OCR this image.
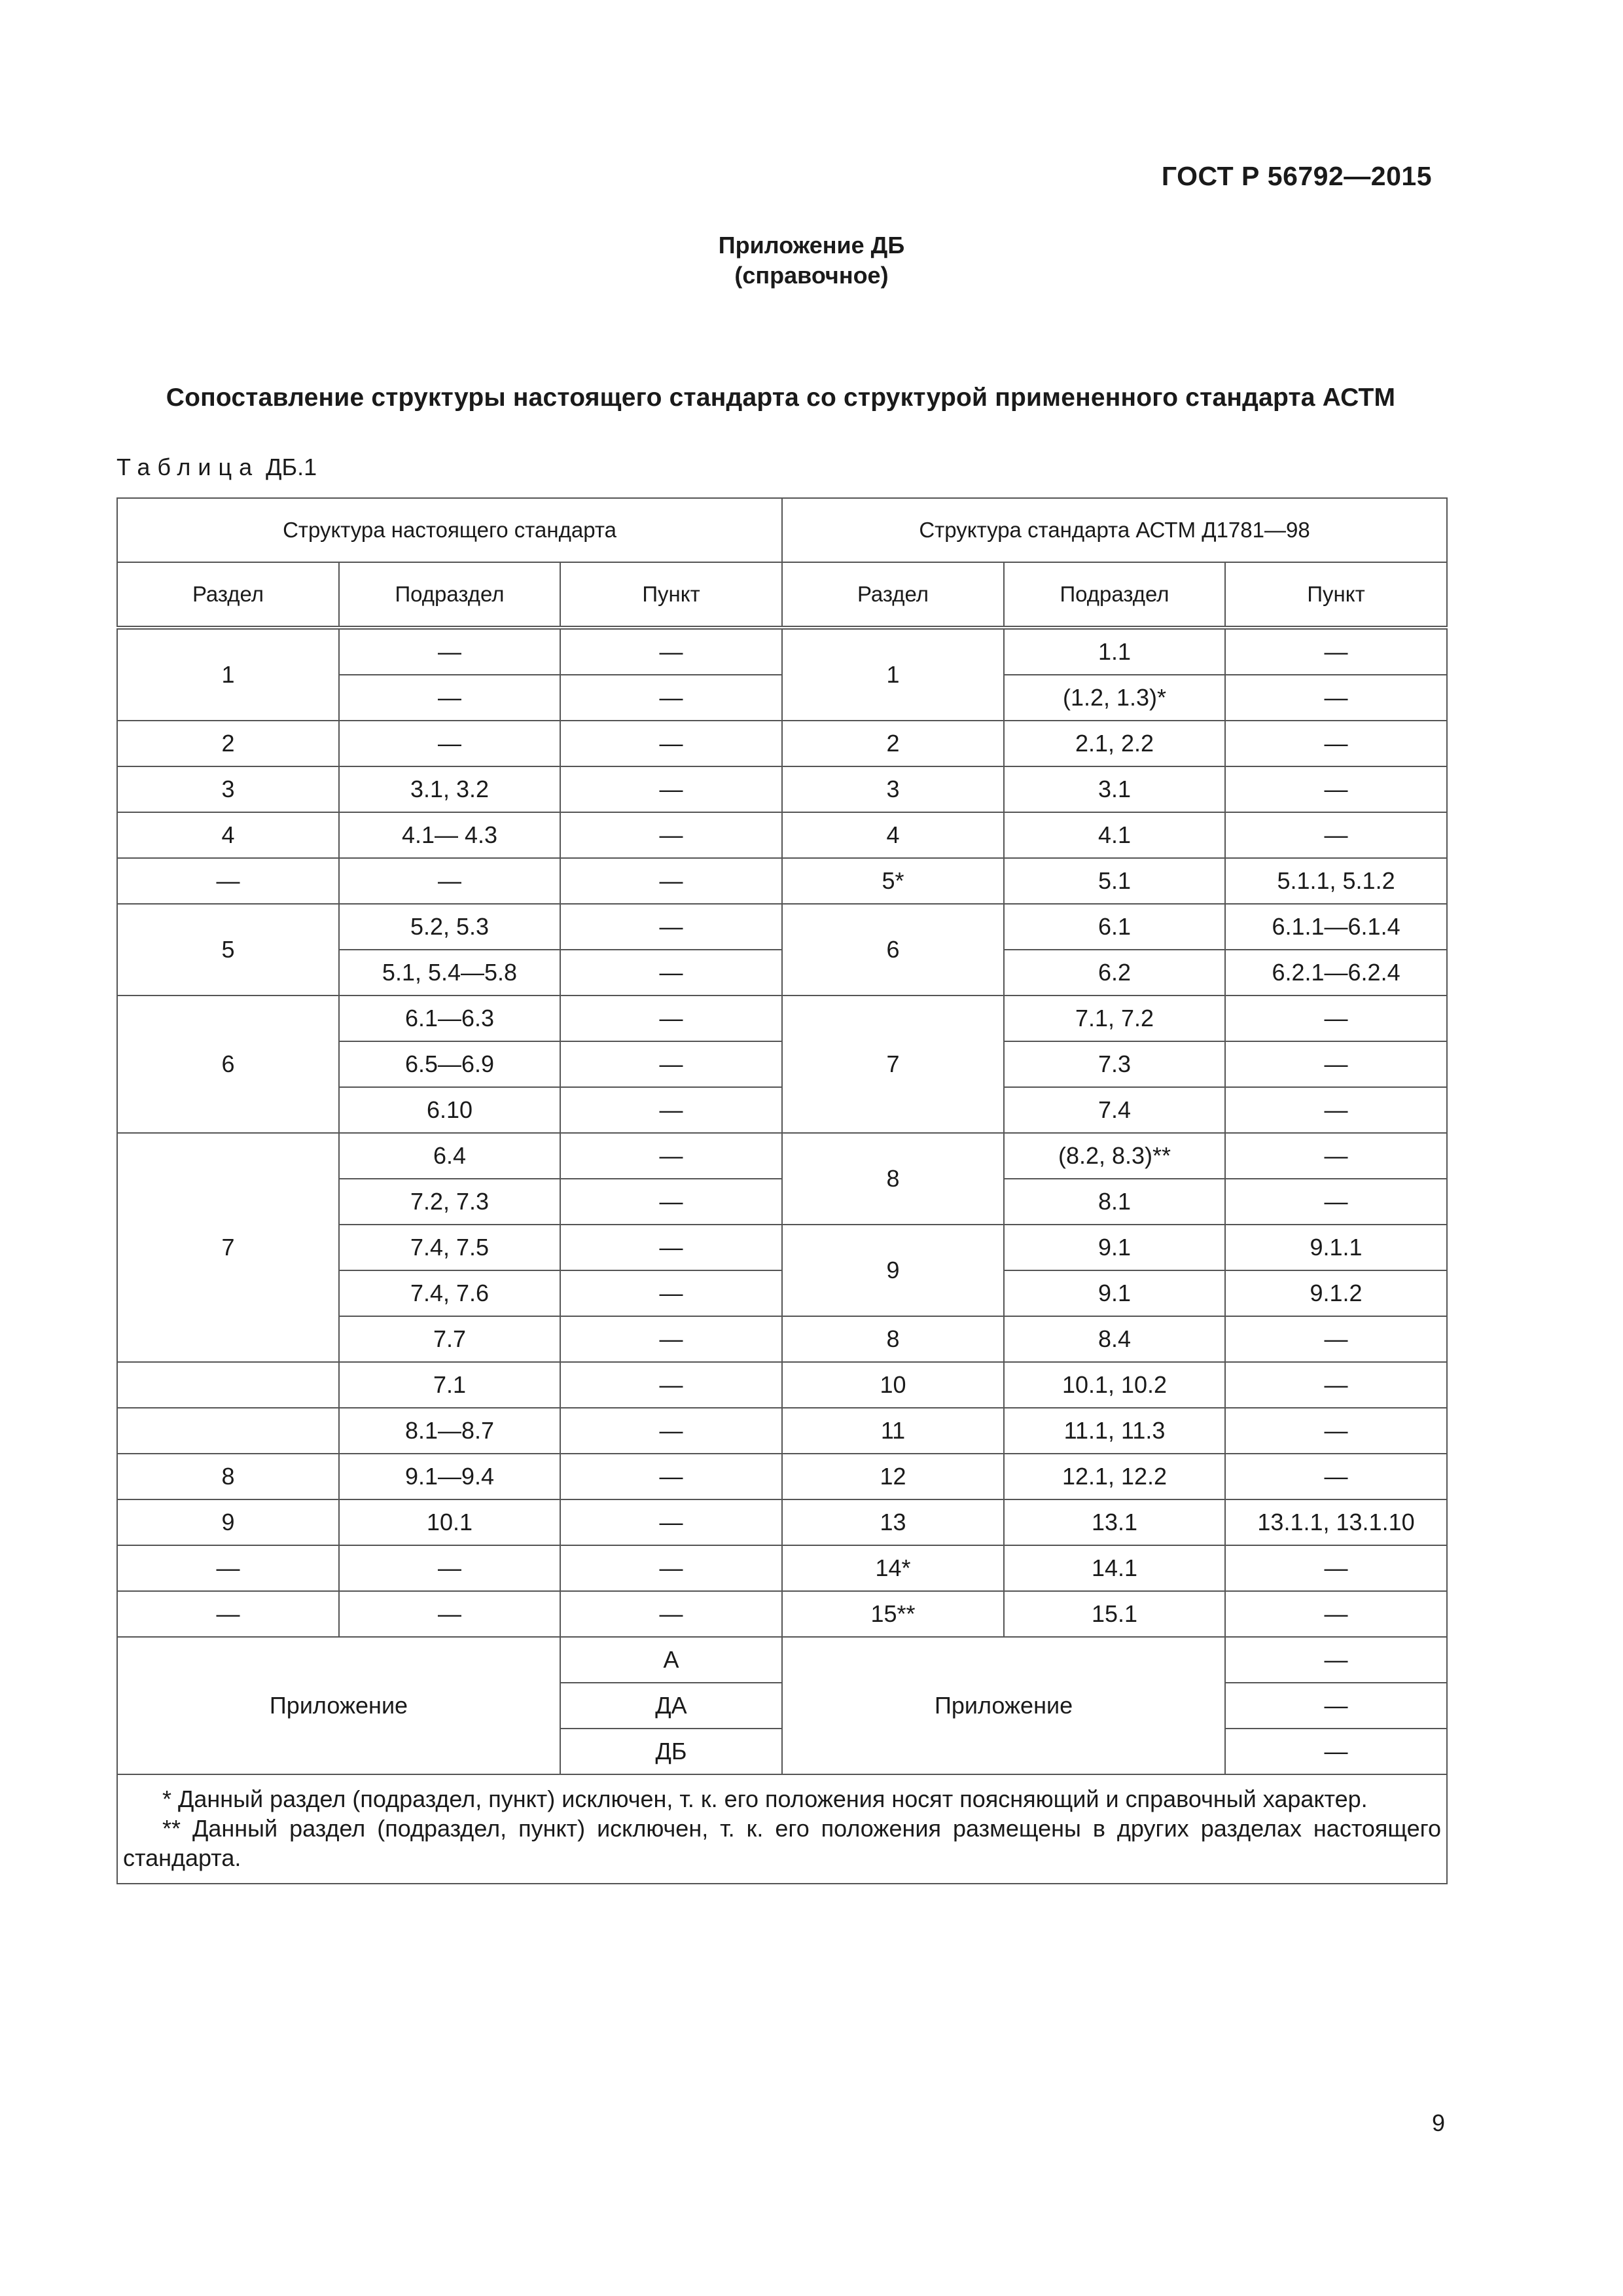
ГОСТ Р 56792—2015
Приложение ДБ
(справочное)
Сопоставление структуры настоящего стандарта со структурой примененного стандарта АСТМ
Таблица ДБ.1
Структура настоящего стандарта			Структура стандарта АСТМ Д1781—98		
Раздел	Подраздел	Пункт	Раздел	Подраздел	Пункт
1	—	—	1	1.1	—
	—	—		(1.2, 1.3)*	—
2	—	—	2	2.1, 2.2	—
3	3.1, 3.2	—	3	3.1	—
4	4.1— 4.3	—	4	4.1	—
—	—	—	5*	5.1	5.1.1, 5.1.2
5	5.2, 5.3	—	6	6.1	6.1.1—6.1.4
	5.1, 5.4—5.8	—		6.2	6.2.1—6.2.4
6	6.1—6.3	—	7	7.1, 7.2	—
	6.5—6.9	—		7.3	—
	6.10	—		7.4	—
7	6.4	—	8	(8.2, 8.3)**	—
	7.2, 7.3	—		8.1	—
	7.4, 7.5	—	9	9.1	9.1.1
	7.4, 7.6	—		9.1	9.1.2
	7.7	—	8	8.4	—
	7.1	—	10	10.1, 10.2	—
	8.1—8.7	—	11	11.1, 11.3	—
8	9.1—9.4	—	12	12.1, 12.2	—
9	10.1	—	13	13.1	13.1.1, 13.1.10
—	—	—	14*	14.1	—
—	—	—	15**	15.1	—
Приложение		А	Приложение		—
		ДА			—
		ДБ			—

* Данный раздел (подраздел, пункт) исключен, т. к. его положения носят поясняющий и справочный характер.
** Данный раздел (подраздел, пункт) исключен, т. к. его положения размещены в других разделах настоящего стандарта.					
9
